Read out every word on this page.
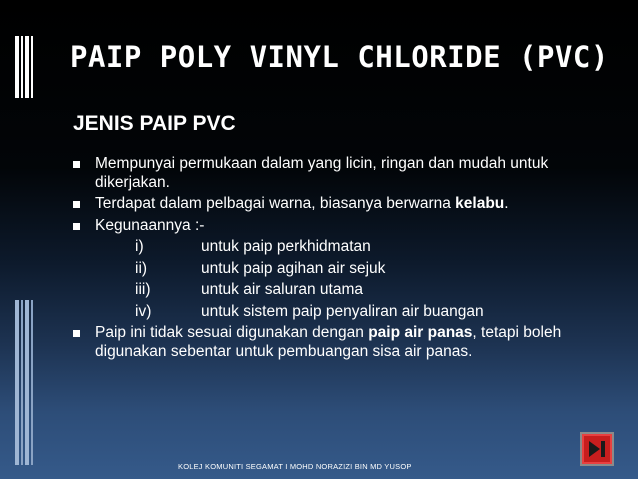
PAIP POLY VINYL CHLORIDE (PVC)
JENIS PAIP PVC
Mempunyai permukaan dalam yang licin, ringan dan mudah untuk dikerjakan.
Terdapat dalam pelbagai warna, biasanya berwarna kelabu.
Kegunaannya :-
i)	untuk paip perkhidmatan
ii)	untuk paip agihan air sejuk
iii)	untuk air saluran utama
iv)	untuk sistem paip penyaliran air buangan
Paip ini tidak sesuai digunakan dengan paip air panas, tetapi boleh digunakan sebentar untuk pembuangan sisa air panas.
KOLEJ KOMUNITI SEGAMAT I MOHD NORAZIZI BIN MD YUSOP
